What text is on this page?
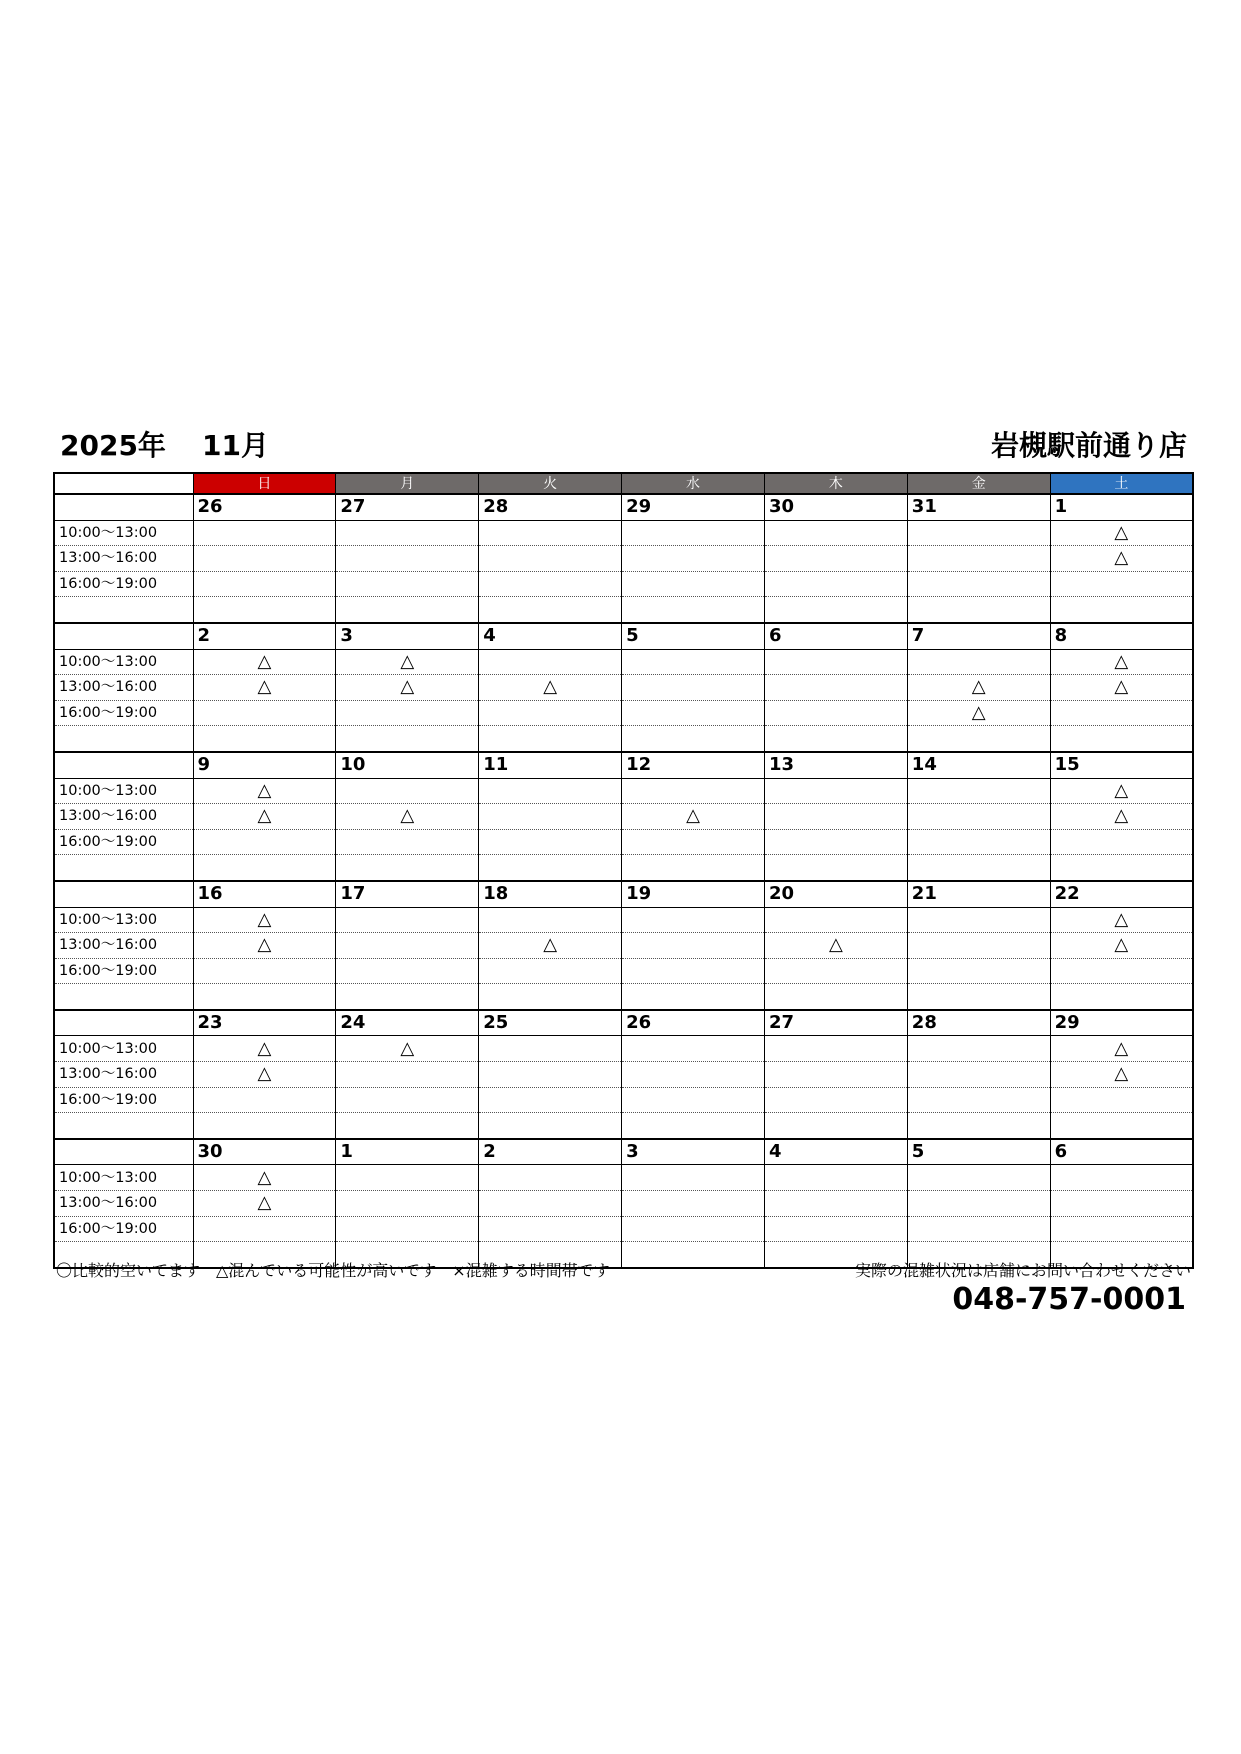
2025年 11月	岩槻駅前通り店
	日	月	火	水	木	金	土
	26	27	28	29	30	31	1
10:00～13:00							△
13:00～16:00							△
16:00～19:00							

	2	3	4	5	6	7	8
10:00～13:00	△	△					△
13:00～16:00	△	△	△			△	△
16:00～19:00						△	

	9	10	11	12	13	14	15
10:00～13:00	△						△
13:00～16:00	△	△		△			△
16:00～19:00							

	16	17	18	19	20	21	22
10:00～13:00	△						△
13:00～16:00	△		△		△		△
16:00～19:00							

	23	24	25	26	27	28	29
10:00～13:00	△	△					△
13:00～16:00	△						△
16:00～19:00							

	30	1	2	3	4	5	6
10:00～13:00	△						
13:00～16:00	△						
16:00～19:00							

〇比較的空いてます　△混んでいる可能性が高いです　×混雑する時間帯です	実際の混雑状況は店舗にお問い合わせください
048-757-0001
